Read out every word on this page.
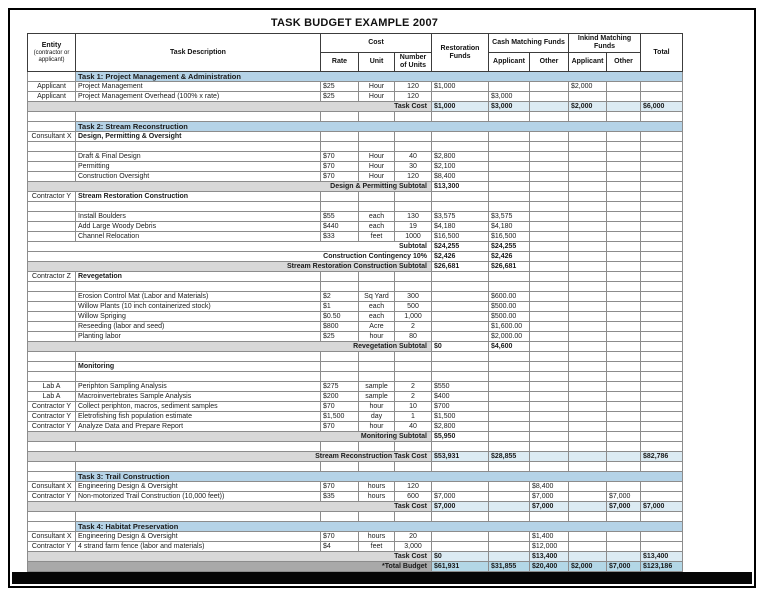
TASK BUDGET EXAMPLE 2007
Entity
(contractor or
applicant)	Task Description	Cost			Restoration Funds	Cash Matching Funds		Inkind Matching Funds		Total
		Rate	Unit	Number of Units		Applicant	Other	Applicant	Other	
	Task 1: Project Management & Administration									
Applicant	Project Management	$25	Hour	120	$1,000			$2,000		
Applicant	Project Management Overhead (100% x rate)	$25	Hour	120		$3,000				
Task Cost					$1,000	$3,000		$2,000		$6,000

	Task 2: Stream Reconstruction									
Consultant X	Design, Permitting & Oversight									

	Draft & Final Design	$70	Hour	40	$2,800					
	Permitting	$70	Hour	30	$2,100					
	Construction Oversight	$70	Hour	120	$8,400					
Design & Permitting Subtotal					$13,300					
Contractor Y	Stream Restoration Construction									

	Install Boulders	$55	each	130	$3,575	$3,575				
	Add Large Woody Debris	$440	each	19	$4,180	$4,180				
	Channel Relocation	$33	feet	1000	$16,500	$16,500				
Subtotal					$24,255	$24,255				
Construction Contingency 10%					$2,426	$2,426				
Stream Restoration Construction Subtotal					$26,681	$26,681				
Contractor Z	Revegetation									

	Erosion Control Mat (Labor and Materials)	$2	Sq Yard	300		$600.00				
	Willow Plants (10 inch containerized stock)	$1	each	500		$500.00				
	Willow Spriging	$0.50	each	1,000		$500.00				
	Reseeding (labor and seed)	$800	Acre	2		$1,600.00				
	Planting labor	$25	hour	80		$2,000.00				
Revegetation Subtotal					$0	$4,600				

	Monitoring									

Lab A	Periphton Sampling Analysis	$275	sample	2	$550					
Lab A	Macroinvertebrates Sample Analysis	$200	sample	2	$400					
Contractor Y	Collect periphton, macros, sediment samples	$70	hour	10	$700					
Contractor Y	Eletrofishing fish population estimate	$1,500	day	1	$1,500					
Contractor Y	Analyze Data and Prepare Report	$70	hour	40	$2,800					
Monitoring Subtotal					$5,950					

Stream Reconstruction Task Cost					$53,931	$28,855				$82,786

	Task 3: Trail Construction									
Consultant X	Engineering Design & Oversight	$70	hours	120			$8,400			
Contractor Y	Non-motorized Trail Construction (10,000 feet))	$35	hours	600	$7,000		$7,000		$7,000	
Task Cost					$7,000		$7,000		$7,000	$7,000

	Task 4: Habitat Preservation									
Consultant X	Engineering Design & Oversight	$70	hours	20			$1,400			
Contractor Y	4 strand farm fence (labor and materials)	$4	feet	3,000			$12,000			
Task Cost					$0		$13,400			$13,400
*Total Budget					$61,931	$31,855	$20,400	$2,000	$7,000	$123,186
